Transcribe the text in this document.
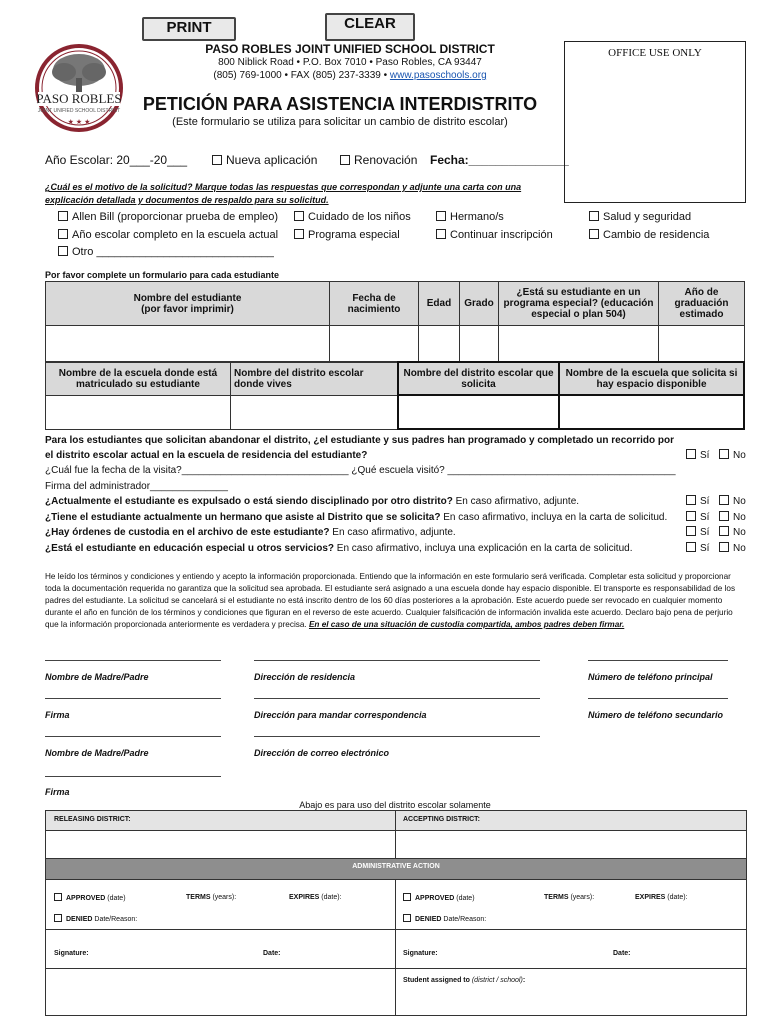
PRINT	CLEAR
PASO ROBLES
JOINT UNIFIED SCHOOL DISTRICT
★ ★ ★
PASO ROBLES JOINT UNIFIED SCHOOL DISTRICT
800 Niblick Road • P.O. Box 7010 • Paso Robles, CA 93447
(805) 769-1000 • FAX (805) 237-3339 • www.pasoschools.org
PETICIÓN PARA ASISTENCIA INTERDISTRITO
(Este formulario se utiliza para solicitar un cambio de distrito escolar)
OFFICE USE ONLY
Año Escolar: 20___-20___	Nueva aplicación	Renovación Fecha:_______________
¿Cuál es el motivo de la solicitud? Marque todas las respuestas que correspondan y adjunte una carta con una explicación detallada y documentos de respaldo para su solicitud.
Allen Bill (proporcionar prueba de empleo)	Cuidado de los niños	Hermano/s	Salud y seguridad
Año escolar completo en la escuela actual	Programa especial	Continuar inscripción	Cambio de residencia
Otro _____________________________
Por favor complete un formulario para cada estudiante
Nombre del estudiante
(por favor imprimir)	Fecha de nacimiento	Edad	Grado	¿Está su estudiante en un programa especial? (educación especial o plan 504)	Año de graduación estimado

Nombre de la escuela donde está matriculado su estudiante	Nombre del distrito escolar donde vives	Nombre del distrito escolar que solicita	Nombre de la escuela que solicita si hay espacio disponible

Para los estudiantes que solicitan abandonar el distrito, ¿el estudiante y sus padres han programado y completado un recorrido por
el distrito escolar actual en la escuela de residencia del estudiante?
¿Cuál fue la fecha de la visita?______________________________ ¿Qué escuela visitó? _________________________________________
Firma del administrador______________
¿Actualmente el estudiante es expulsado o está siendo disciplinado por otro distrito? En caso afirmativo, adjunte.
¿Tiene el estudiante actualmente un hermano que asiste al Distrito que se solicita? En caso afirmativo, incluya en la carta de solicitud.
¿Hay órdenes de custodia en el archivo de este estudiante? En caso afirmativo, adjunte.
¿Está el estudiante en educación especial u otros servicios? En caso afirmativo, incluya una explicación en la carta de solicitud.
Sí	No
Sí	No
Sí	No
Sí	No
Sí	No
He leído los términos y condiciones y entiendo y acepto la información proporcionada. Entiendo que la información en este formulario será verificada. Completar esta solicitud y proporcionar toda la documentación requerida no garantiza que la solicitud sea aprobada. El estudiante será asignado a una escuela donde hay espacio disponible. El transporte es responsabilidad de los padres del estudiante. La solicitud se cancelará si el estudiante no está inscrito dentro de los 60 días posteriores a la aprobación. Este acuerdo puede ser revocado en cualquier momento durante el año en función de los términos y condiciones que figuran en el reverso de este acuerdo. Cualquier falsificación de información invalida este acuerdo. Declaro bajo pena de perjurio que la información proporcionada anteriormente es verdadera y precisa. En el caso de una situación de custodia compartida, ambos padres deben firmar.
Nombre de Madre/Padre	Dirección de residencia	Número de teléfono principal
Firma	Dirección para mandar correspondencia	Número de teléfono secundario
Nombre de Madre/Padre	Dirección de correo electrónico
Firma
Abajo es para uso del distrito escolar solamente
RELEASING DISTRICT:	ACCEPTING DISTRICT:
ADMINISTRATIVE ACTION
APPROVED (date)	TERMS (years):	EXPIRES (date):
DENIED Date/Reason:
APPROVED (date)	TERMS (years):	EXPIRES (date):
DENIED Date/Reason:
Signature:	Date:	Signature:	Date:
Student assigned to (district / school):
